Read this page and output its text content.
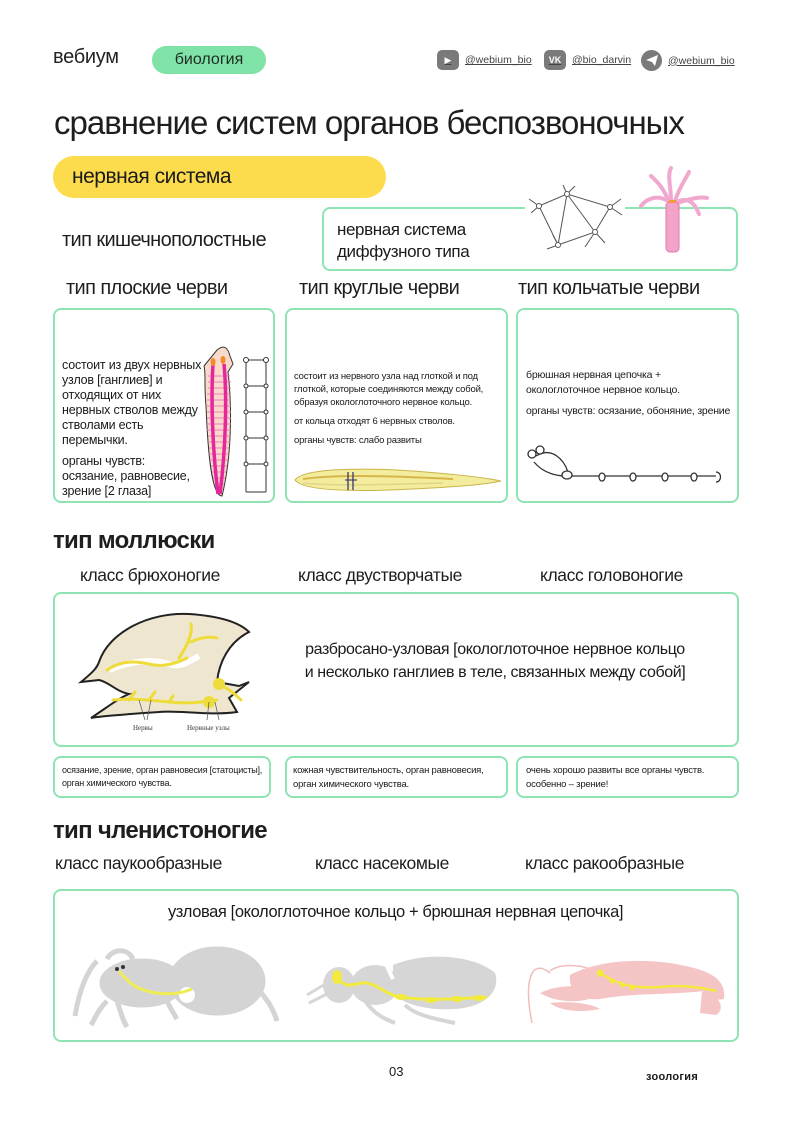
вебиум	биология	▶	@webium_bio	VK	@bio_darvin	@webium_bio
сравнение систем органов беспозвоночных
нервная система
тип кишечнополостные	нервная система
диффузного типа
тип плоские черви	тип круглые черви	тип кольчатые черви

состоит из двух нервных узлов [ганглиев] и отходящих от них нервных стволов между стволами есть перемычки.

органы чувств: осязание, равновесие, зрение [2 глаза]

состоит из нервного узла над глоткой и под глоткой, которые соединяются между собой, образуя окологлоточного нервное кольцо.

от кольца отходят 6 нервных стволов.

органы чувств: слабо развиты

брюшная нервная цепочка + окологлоточное нервное кольцо.

органы чувств: осязание, обоняние, зрение

тип моллюски
класс брюхоногие	класс двустворчатые	класс головоногие
Нервы	Нервные узлы
разбросано-узловая [окологлоточное нервное кольцо
и несколько ганглиев в теле, связанных между собой]
осязание, зрение, орган равновесия [статоцисты], орган химического чувства.
кожная чувствительность, орган равновесия, орган химического чувства.
очень хорошо развиты все органы чувств. особенно – зрение!
тип членистоногие
класс паукообразные	класс насекомые	класс ракообразные
узловая [окологлоточное кольцо + брюшная нервная цепочка]
03	зоология
